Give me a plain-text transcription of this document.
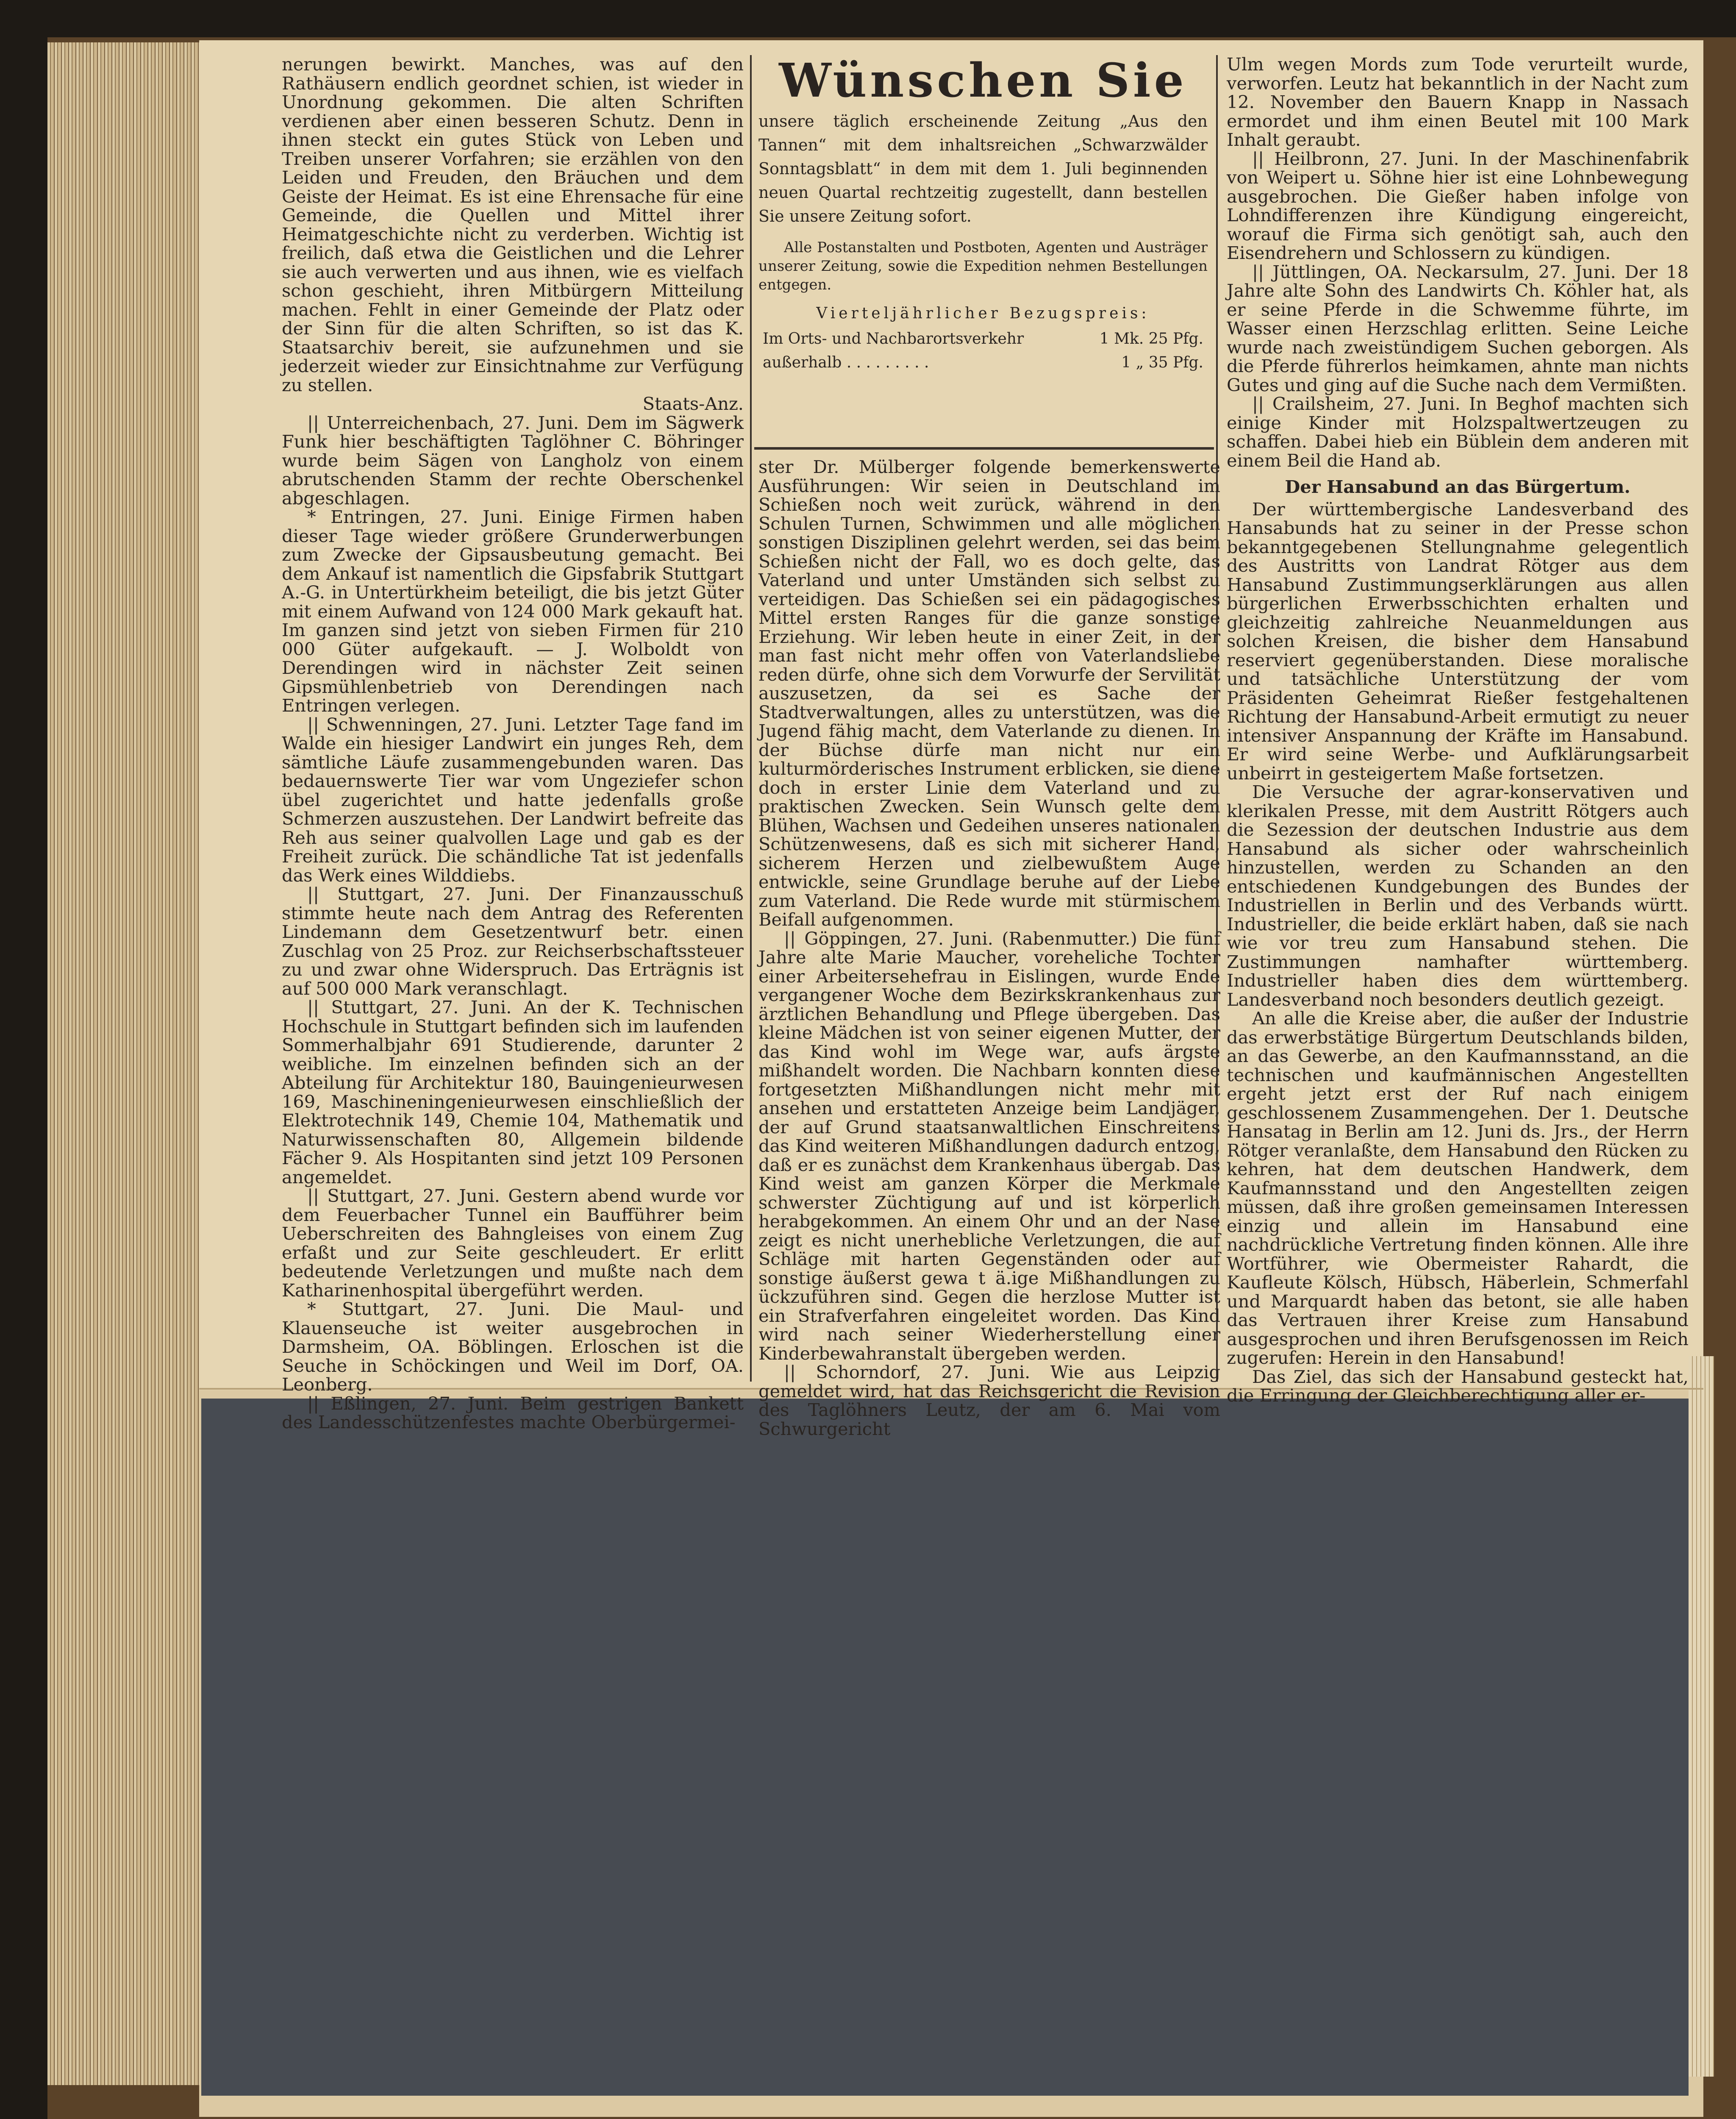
nerungen bewirkt. Manches, was auf den Rathäusern endlich geordnet schien, ist wieder in Unordnung gekommen. Die alten Schriften verdienen aber einen besseren Schutz. Denn in ihnen steckt ein gutes Stück von Leben und Treiben unserer Vorfahren; sie erzählen von den Leiden und Freuden, den Bräuchen und dem Geiste der Heimat. Es ist eine Ehrensache für eine Gemeinde, die Quellen und Mittel ihrer Heimatgeschichte nicht zu verderben. Wichtig ist freilich, daß etwa die Geistlichen und die Lehrer sie auch verwerten und aus ihnen, wie es vielfach schon geschieht, ihren Mitbürgern Mitteilung machen. Fehlt in einer Gemeinde der Platz oder der Sinn für die alten Schriften, so ist das K. Staatsarchiv bereit, sie aufzunehmen und sie jederzeit wieder zur Einsichtnahme zur Verfügung zu stellen.

Staats-Anz.

|| Unterreichenbach, 27. Juni. Dem im Sägwerk Funk hier beschäftigten Taglöhner C. Böhringer wurde beim Sägen von Langholz von einem abrutschenden Stamm der rechte Oberschenkel abgeschlagen.

* Entringen, 27. Juni. Einige Firmen haben dieser Tage wieder größere Grunderwerbungen zum Zwecke der Gipsausbeutung gemacht. Bei dem Ankauf ist namentlich die Gipsfabrik Stuttgart A.-G. in Untertürkheim beteiligt, die bis jetzt Güter mit einem Aufwand von 124 000 Mark gekauft hat. Im ganzen sind jetzt von sieben Firmen für 210 000 Güter aufgekauft. — J. Wolboldt von Derendingen wird in nächster Zeit seinen Gipsmühlenbetrieb von Derendingen nach Entringen verlegen.

|| Schwenningen, 27. Juni. Letzter Tage fand im Walde ein hiesiger Landwirt ein junges Reh, dem sämtliche Läufe zusammengebunden waren. Das bedauernswerte Tier war vom Ungeziefer schon übel zugerichtet und hatte jedenfalls große Schmerzen auszustehen. Der Landwirt befreite das Reh aus seiner qualvollen Lage und gab es der Freiheit zurück. Die schändliche Tat ist jedenfalls das Werk eines Wilddiebs.

|| Stuttgart, 27. Juni. Der Finanzausschuß stimmte heute nach dem Antrag des Referenten Lindemann dem Gesetzentwurf betr. einen Zuschlag von 25 Proz. zur Reichserbschaftssteuer zu und zwar ohne Widerspruch. Das Erträgnis ist auf 500 000 Mark veranschlagt.

|| Stuttgart, 27. Juni. An der K. Technischen Hochschule in Stuttgart befinden sich im laufenden Sommerhalbjahr 691 Studierende, darunter 2 weibliche. Im einzelnen befinden sich an der Abteilung für Architektur 180, Bauingenieurwesen 169, Maschineningenieurwesen einschließlich der Elektrotechnik 149, Chemie 104, Mathematik und Naturwissenschaften 80, Allgemein bildende Fächer 9. Als Hospitanten sind jetzt 109 Personen angemeldet.

|| Stuttgart, 27. Juni. Gestern abend wurde vor dem Feuerbacher Tunnel ein Baufführer beim Ueberschreiten des Bahngleises von einem Zug erfaßt und zur Seite geschleudert. Er erlitt bedeutende Verletzungen und mußte nach dem Katharinenhospital übergeführt werden.

* Stuttgart, 27. Juni. Die Maul- und Klauenseuche ist weiter ausgebrochen in Darmsheim, OA. Böblingen. Erloschen ist die Seuche in Schöckingen und Weil im Dorf, OA. Leonberg.

|| Eßlingen, 27. Juni. Beim gestrigen Bankett des Landesschützenfestes machte Oberbürgermei-

Wünschen Sie

unsere täglich erscheinende Zeitung „Aus den Tannen“ mit dem inhaltsreichen „Schwarzwälder Sonntagsblatt“ in dem mit dem 1. Juli beginnenden neuen Quartal rechtzeitig zugestellt, dann bestellen Sie unsere Zeitung sofort.

Alle Postanstalten und Postboten, Agenten und Austräger unserer Zeitung, sowie die Expedition nehmen Bestellungen entgegen.

Vierteljährlicher Bezugspreis:
Im Orts- und Nachbarortsverkehr	1 Mk. 25 Pfg.
außerhalb . . . . . . . . .	1 „ 35 Pfg.

ster Dr. Mülberger folgende bemerkenswerte Ausführungen: Wir seien in Deutschland im Schießen noch weit zurück, während in den Schulen Turnen, Schwimmen und alle möglichen sonstigen Disziplinen gelehrt werden, sei das beim Schießen nicht der Fall, wo es doch gelte, das Vaterland und unter Umständen sich selbst zu verteidigen. Das Schießen sei ein pädagogisches Mittel ersten Ranges für die ganze sonstige Erziehung. Wir leben heute in einer Zeit, in der man fast nicht mehr offen von Vaterlandsliebe reden dürfe, ohne sich dem Vorwurfe der Servilität auszusetzen, da sei es Sache der Stadtverwaltungen, alles zu unterstützen, was die Jugend fähig macht, dem Vaterlande zu dienen. In der Büchse dürfe man nicht nur ein kulturmörderisches Instrument erblicken, sie diene doch in erster Linie dem Vaterland und zu praktischen Zwecken. Sein Wunsch gelte dem Blühen, Wachsen und Gedeihen unseres nationalen Schützenwesens, daß es sich mit sicherer Hand, sicherem Herzen und zielbewußtem Auge entwickle, seine Grundlage beruhe auf der Liebe zum Vaterland. Die Rede wurde mit stürmischem Beifall aufgenommen.

|| Göppingen, 27. Juni. (Rabenmutter.) Die fünf Jahre alte Marie Maucher, voreheliche Tochter einer Arbeitersehefrau in Eislingen, wurde Ende vergangener Woche dem Bezirkskrankenhaus zur ärztlichen Behandlung und Pflege übergeben. Das kleine Mädchen ist von seiner eigenen Mutter, der das Kind wohl im Wege war, aufs ärgste mißhandelt worden. Die Nachbarn konnten diese fortgesetzten Mißhandlungen nicht mehr mit ansehen und erstatteten Anzeige beim Landjäger, der auf Grund staatsanwaltlichen Einschreitens das Kind weiteren Mißhandlungen dadurch entzog, daß er es zunächst dem Krankenhaus übergab. Das Kind weist am ganzen Körper die Merkmale schwerster Züchtigung auf und ist körperlich herabgekommen. An einem Ohr und an der Nase zeigt es nicht unerhebliche Verletzungen, die auf Schläge mit harten Gegenständen oder auf sonstige äußerst gewa t ä.ige Mißhandlungen zu ückzuführen sind. Gegen die herzlose Mutter ist ein Strafverfahren eingeleitet worden. Das Kind wird nach seiner Wiederherstellung einer Kinderbewahranstalt übergeben werden.

|| Schorndorf, 27. Juni. Wie aus Leipzig gemeldet wird, hat das Reichsgericht die Revision des Taglöhners Leutz, der am 6. Mai vom Schwurgericht

Ulm wegen Mords zum Tode verurteilt wurde, verworfen. Leutz hat bekanntlich in der Nacht zum 12. November den Bauern Knapp in Nassach ermordet und ihm einen Beutel mit 100 Mark Inhalt geraubt.

|| Heilbronn, 27. Juni. In der Maschinenfabrik von Weipert u. Söhne hier ist eine Lohnbewegung ausgebrochen. Die Gießer haben infolge von Lohndifferenzen ihre Kündigung eingereicht, worauf die Firma sich genötigt sah, auch den Eisendrehern und Schlossern zu kündigen.

|| Jüttlingen, OA. Neckarsulm, 27. Juni. Der 18 Jahre alte Sohn des Landwirts Ch. Köhler hat, als er seine Pferde in die Schwemme führte, im Wasser einen Herzschlag erlitten. Seine Leiche wurde nach zweistündigem Suchen geborgen. Als die Pferde führerlos heimkamen, ahnte man nichts Gutes und ging auf die Suche nach dem Vermißten.

|| Crailsheim, 27. Juni. In Beghof machten sich einige Kinder mit Holzspaltwertzeugen zu schaffen. Dabei hieb ein Büblein dem anderen mit einem Beil die Hand ab.

Der Hansabund an das Bürgertum.

Der württembergische Landesverband des Hansabunds hat zu seiner in der Presse schon bekanntgegebenen Stellungnahme gelegentlich des Austritts von Landrat Rötger aus dem Hansabund Zustimmungserklärungen aus allen bürgerlichen Erwerbsschichten erhalten und gleichzeitig zahlreiche Neuanmeldungen aus solchen Kreisen, die bisher dem Hansabund reserviert gegenüberstanden. Diese moralische und tatsächliche Unterstützung der vom Präsidenten Geheimrat Rießer festgehaltenen Richtung der Hansabund-Arbeit ermutigt zu neuer intensiver Anspannung der Kräfte im Hansabund. Er wird seine Werbe- und Aufklärungsarbeit unbeirrt in gesteigertem Maße fortsetzen.

Die Versuche der agrar-konservativen und klerikalen Presse, mit dem Austritt Rötgers auch die Sezession der deutschen Industrie aus dem Hansabund als sicher oder wahrscheinlich hinzustellen, werden zu Schanden an den entschiedenen Kundgebungen des Bundes der Industriellen in Berlin und des Verbands württ. Industrieller, die beide erklärt haben, daß sie nach wie vor treu zum Hansabund stehen. Die Zustimmungen namhafter württemberg. Industrieller haben dies dem württemberg. Landesverband noch besonders deutlich gezeigt.

An alle die Kreise aber, die außer der Industrie das erwerbstätige Bürgertum Deutschlands bilden, an das Gewerbe, an den Kaufmannsstand, an die technischen und kaufmännischen Angestellten ergeht jetzt erst der Ruf nach einigem geschlossenem Zusammengehen. Der 1. Deutsche Hansatag in Berlin am 12. Juni ds. Jrs., der Herrn Rötger veranlaßte, dem Hansabund den Rücken zu kehren, hat dem deutschen Handwerk, dem Kaufmannsstand und den Angestellten zeigen müssen, daß ihre großen gemeinsamen Interessen einzig und allein im Hansabund eine nachdrückliche Vertretung finden können. Alle ihre Wortführer, wie Obermeister Rahardt, die Kaufleute Kölsch, Hübsch, Häberlein, Schmerfahl und Marquardt haben das betont, sie alle haben das Vertrauen ihrer Kreise zum Hansabund ausgesprochen und ihren Berufsgenossen im Reich zugerufen: Herein in den Hansabund!

Das Ziel, das sich der Hansabund gesteckt hat, die Erringung der Gleichberechtigung aller er-
